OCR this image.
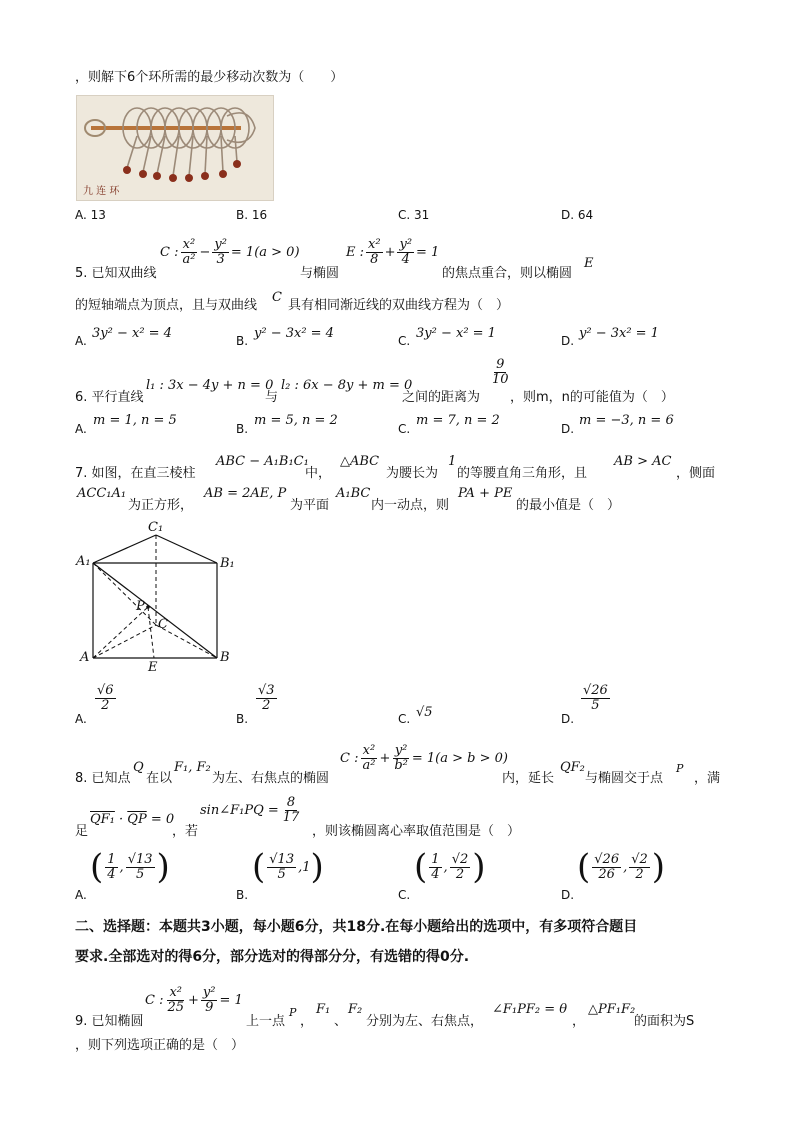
，则解下6个环所需的最少移动次数为（　　）
九 连 环
A. 13	B. 16	C. 31	D. 64
5. 已知双曲线
C : $\frac{\text{x²}}{\text{a²}} - \frac{\text{y²}}{3} = 1(a > 0)$
与椭圆
E : $\frac{\text{x²}}{8} + \frac{\text{y²}}{4} = 1$
的焦点重合，则以椭圆
E
的短轴端点为顶点，且与双曲线
C
具有相同渐近线的双曲线方程为（　）
A. 3y² − x² = 4	B. y² − 3x² = 4	C. 3y² − x² = 1	D. y² − 3x² = 1
6. 平行直线
l₁ : 3x − 4y + n = 0
与
l₂ : 6x − 8y + m = 0
之间的距离为
$\frac{9}{10}$
，则m，n的可能值为（　）
A.
m = 1, n = 5
B.
m = 5, n = 2
C.
m = 7, n = 2
D.
m = −3, n = 6
7. 如图，在直三棱柱
ABC − A₁B₁C₁
中，
△ABC
为腰长为
1
的等腰直角三角形，且
AB > AC
，侧面
ACC₁A₁
为正方形，
AB = 2AE, P
为平面
A₁BC
内一动点，则
PA + PE
的最小值是（　）
A₁	B₁
C₁
A	B
C
E
P
A.
$\frac{√6}{2}$
B.
$\frac{√3}{2}$
C. √5	D.
$\frac{√26}{5}$
8. 已知点
Q
在以
F₁, F₂
为左、右焦点的椭圆
C : $\frac{\text{x²}}{\text{a²}} + \frac{\text{y²}}{\text{b²}} = 1(a > b > 0)$
内，延长
QF₂
与椭圆交于点
P
，满
足
$QF_1 \cdot \overline{QP} = 0$
，若
sin∠F₁PQ = $\frac{8}{17}$
，则该椭圆离心率取值范围是（　）
A.
( $\frac{1}{4}$ , $\frac{√13}{5}$ )
B.
( $\frac{√13}{5} ,1$ )
C.
( $\frac{1}{4}$ , $\frac{√2}{2}$ )
D.
( $\frac{√26}{26}$ , $\frac{√2}{2}$ )
二、选择题：本题共3小题，每小题6分，共18分.在每小题给出的选项中，有多项符合题目
要求.全部选对的得6分，部分选对的得部分分，有选错的得0分.
9. 已知椭圆
C : $\frac{\text{x²}}{25} + \frac{\text{y²}}{9} = 1$
上一点
P
，
F₁
、
F₂
分别为左、右焦点，
∠F₁PF₂ = θ
，
△PF₁F₂
的面积为S
，则下列选项正确的是（　）
